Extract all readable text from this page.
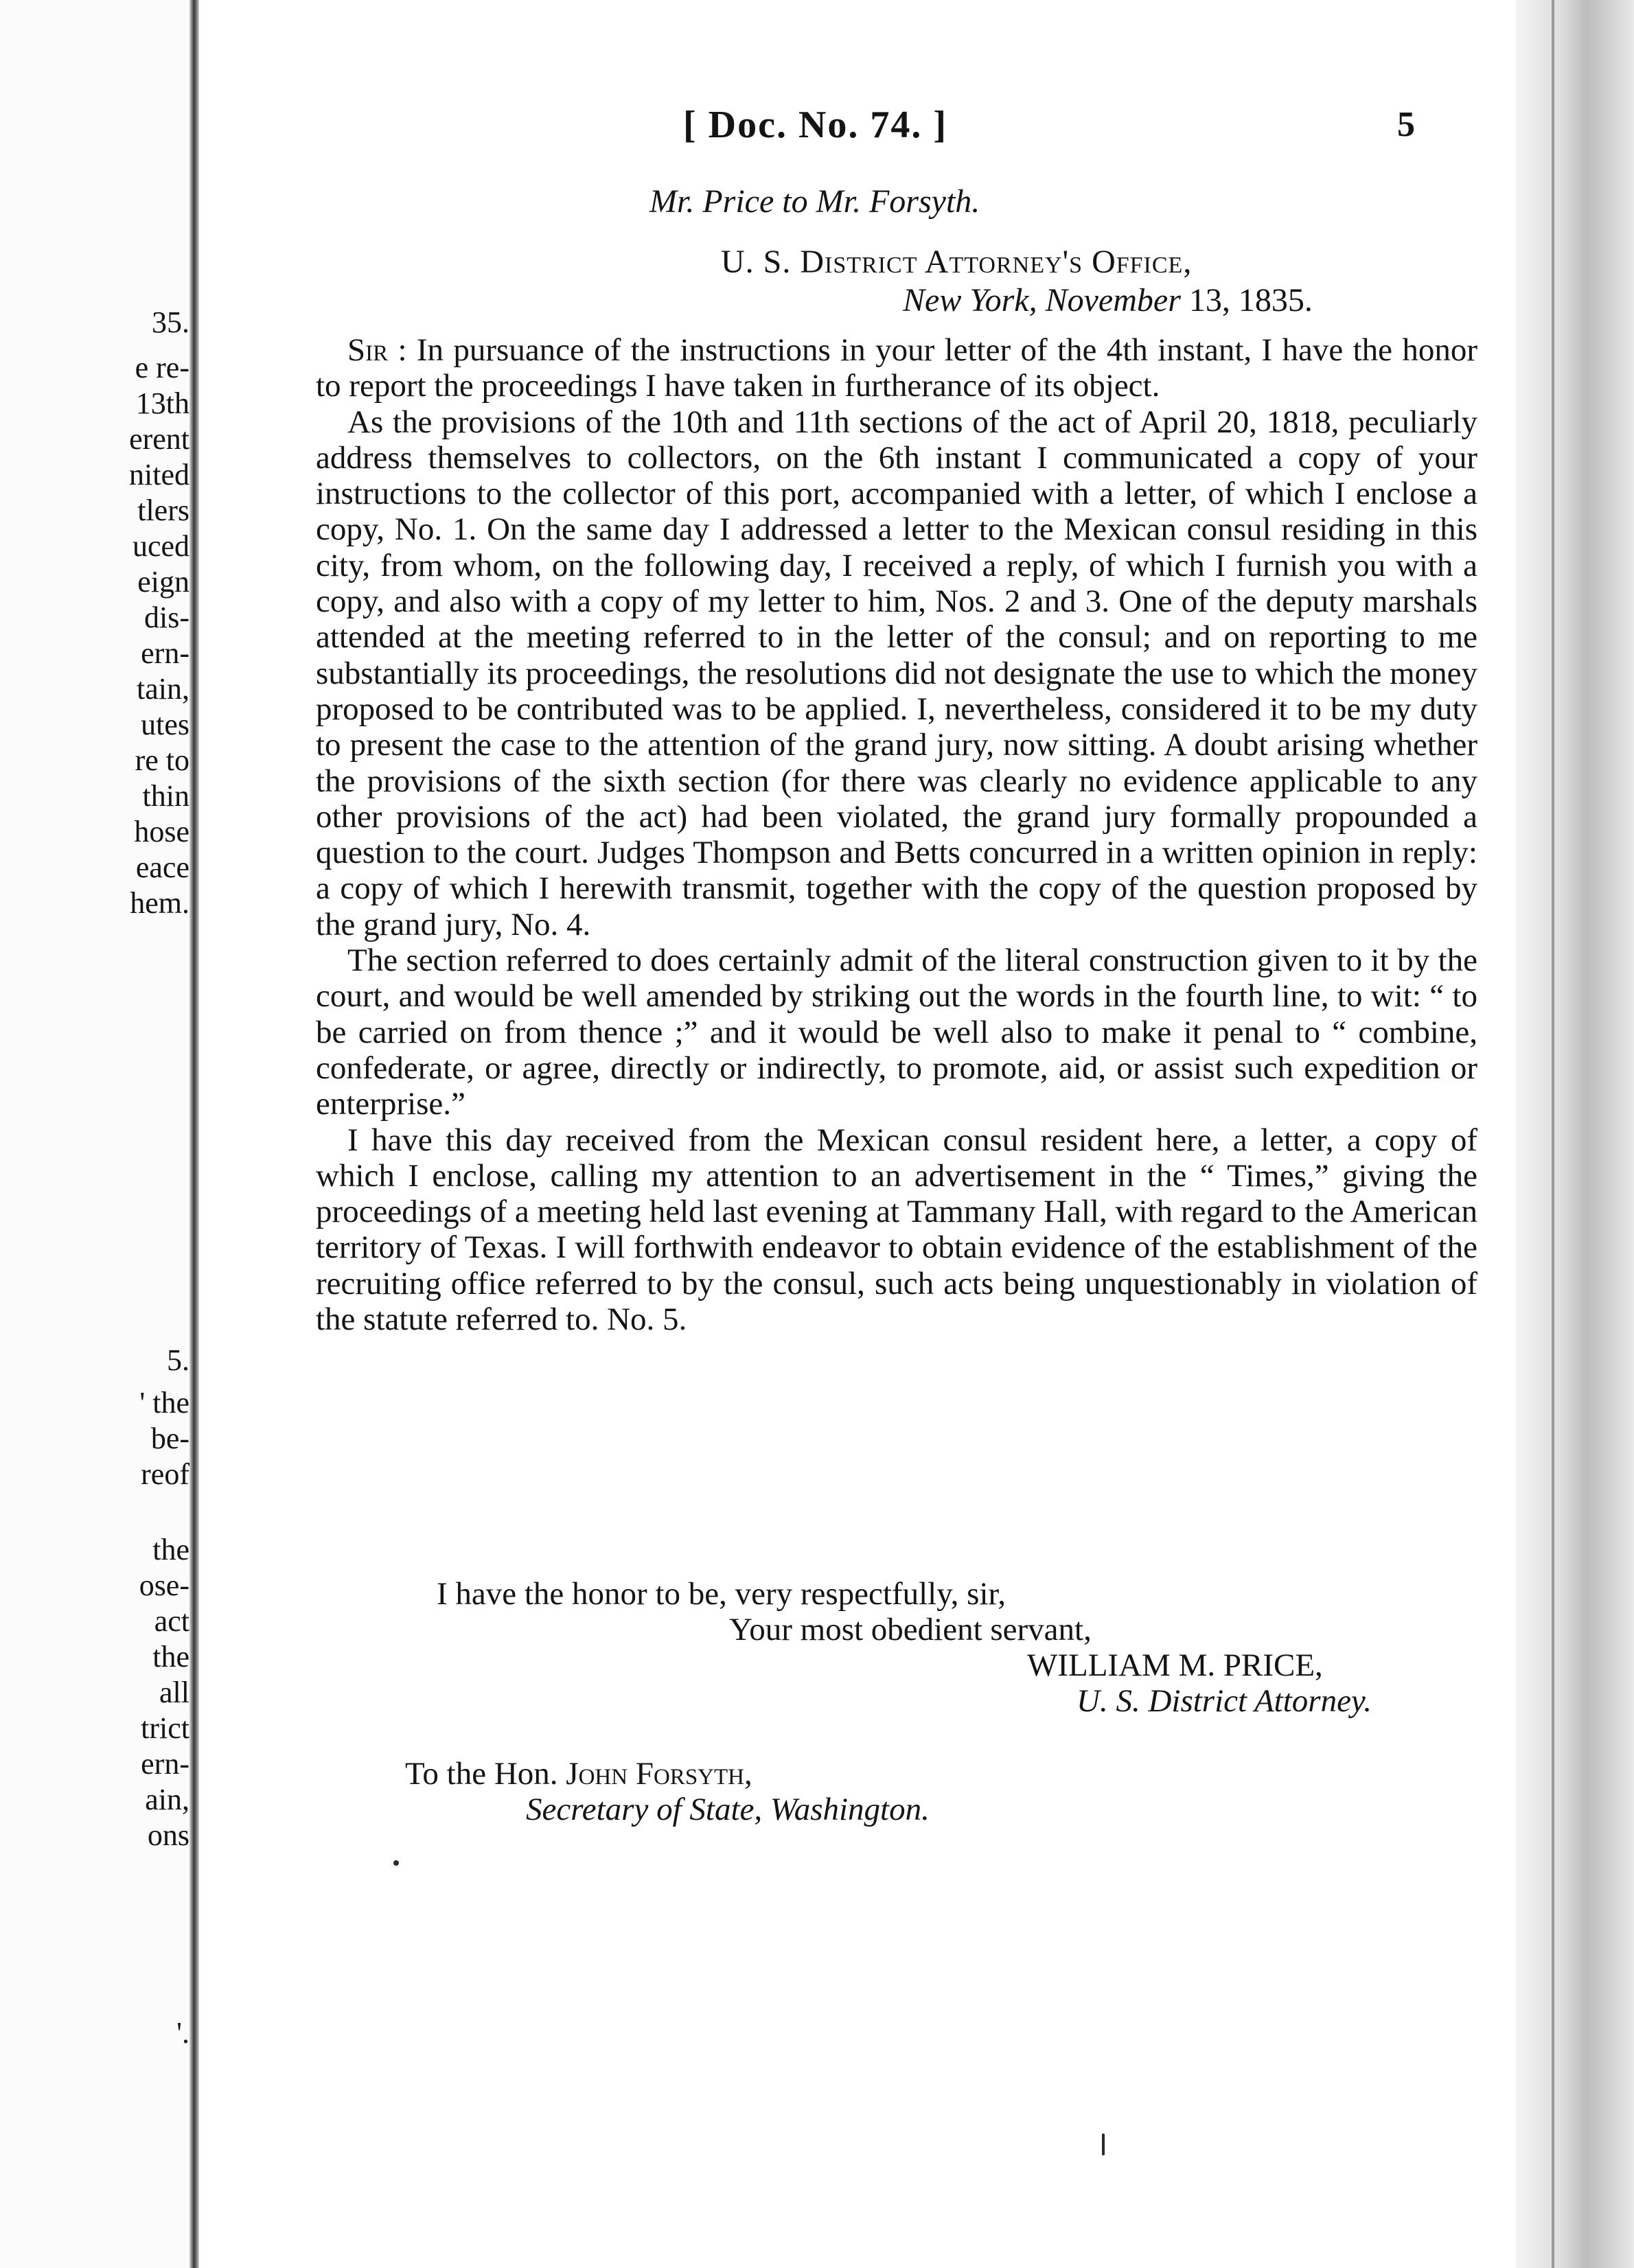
35.

e re-

13th

erent

nited

tlers

uced

eign

dis-

ern-

tain,

utes

re to

thin

hose

eace

hem.

5.

' the

be-

reof

the

ose-

act

the

all

trict

ern-

ain,

ons

'.

[ Doc. No. 74. ]	5

Mr. Price to Mr. Forsyth.

U. S. District Attorney's Office,

New York, November 13, 1835.

Sir : In pursuance of the instructions in your letter of the 4th instant, I have the honor to report the proceedings I have taken in furtherance of its object.

As the provisions of the 10th and 11th sections of the act of April 20, 1818, peculiarly address themselves to collectors, on the 6th instant I communicated a copy of your instructions to the collector of this port, accompanied with a letter, of which I enclose a copy, No. 1. On the same day I addressed a letter to the Mexican consul residing in this city, from whom, on the following day, I received a reply, of which I furnish you with a copy, and also with a copy of my letter to him, Nos. 2 and 3. One of the deputy marshals attended at the meeting referred to in the letter of the consul; and on reporting to me substantially its proceedings, the resolutions did not designate the use to which the money proposed to be contributed was to be applied. I, nevertheless, considered it to be my duty to present the case to the attention of the grand jury, now sitting. A doubt arising whether the provisions of the sixth section (for there was clearly no evidence applicable to any other provisions of the act) had been violated, the grand jury formally propounded a question to the court. Judges Thompson and Betts concurred in a written opinion in reply: a copy of which I herewith transmit, together with the copy of the question proposed by the grand jury, No. 4.

The section referred to does certainly admit of the literal construction given to it by the court, and would be well amended by striking out the words in the fourth line, to wit: “ to be carried on from thence ;” and it would be well also to make it penal to “ combine, confederate, or agree, directly or indirectly, to promote, aid, or assist such expedition or enterprise.”

I have this day received from the Mexican consul resident here, a letter, a copy of which I enclose, calling my attention to an advertisement in the “ Times,” giving the proceedings of a meeting held last evening at Tammany Hall, with regard to the American territory of Texas. I will forthwith endeavor to obtain evidence of the establishment of the recruiting office referred to by the consul, such acts being unquestionably in violation of the statute referred to. No. 5.

I have the honor to be, very respectfully, sir,

Your most obedient servant,

WILLIAM M. PRICE,

U. S. District Attorney.

To the Hon. John Forsyth,

Secretary of State, Washington.
